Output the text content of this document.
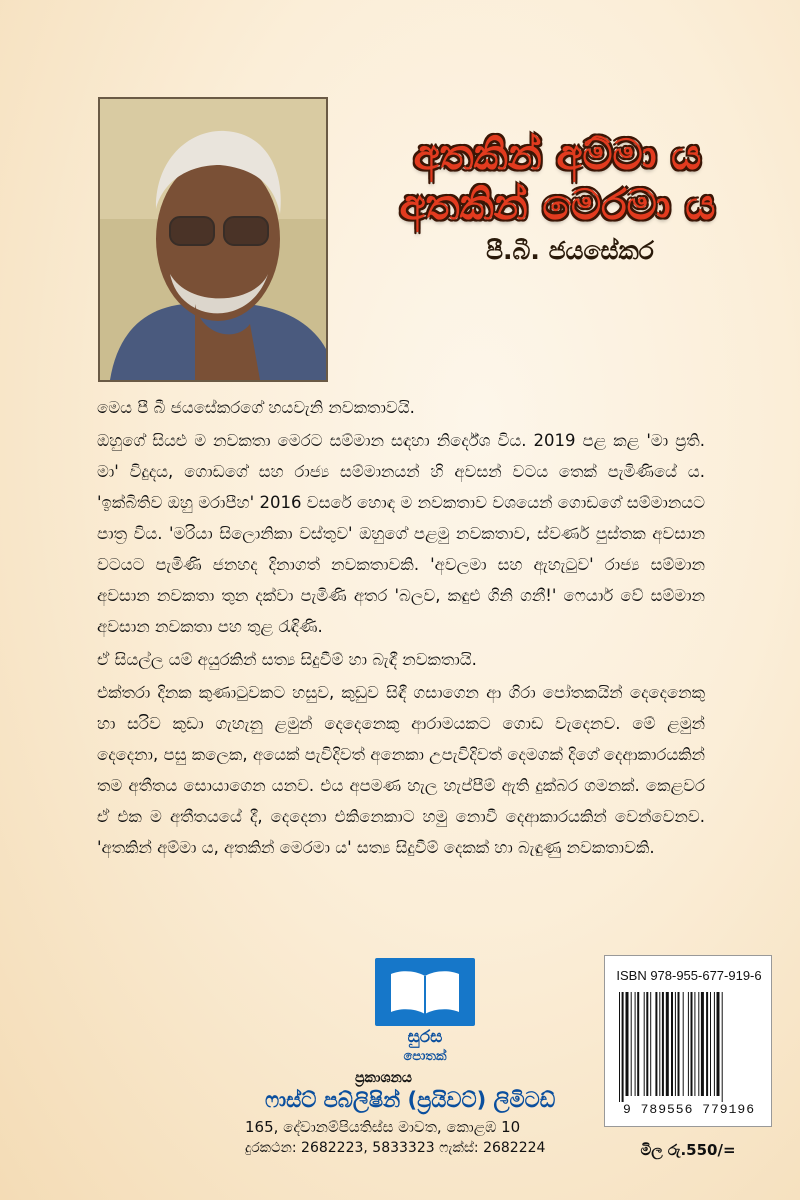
අතකින් අම්මා ය
අතකින් මෙරමා ය
පී.බී. ජයසේකර

මෙය පී බී ජයසේකරගේ හයවැනි නවකතාවයි.

ඔහුගේ සියළු ම නවකතා මෙරට සම්මාන සඳහා නිර්දේශ විය. 2019 පළ කළ 'මා ප්‍රති. මා' විදුදය, ගොඩගේ සහ රාජ්‍ය සම්මානයන් හි අවසන් වටය තෙක් පැමිණියේ ය. 'ඉක්බිතිව ඔහු මරාපීහ' 2016 වසරේ හොඳ ම නවකතාව වශයෙන් ගොඩගේ සම්මානයට පාත්‍ර විය. 'මරියා සිලොනිකා වස්තුව' ඔහුගේ පළමු නවකතාව, ස්වර්ණ පුස්තක අවසාන වටයට පැමිණි ජනහද දිනාගත් නවකතාවකි. 'අවලමා සහ ඇහැටුව' රාජ්‍ය සම්මාන අවසාන නවකතා තුන දක්වා පැමිණි අතර 'බලව, කඳුළු ගිනි ගනී!' ෆෙයාර් වේ සම්මාන අවසාන නවකතා පහ තුළ රැඳිණි.

ඒ සියල්ල යම් අයුරකින් සත්‍ය සිදුවීම් හා බැඳී නවකතායි.

එක්තරා දිනක කුණාටුවකට හසුව, කුඩුව සිඳී ගසාගෙන ආ ගිරා පෝතකයින් දෙදෙනෙකු හා සරිව කුඩා ගැහැනු ළමුන් දෙදෙනෙකු ආරාමයකට ගොඩ වැදෙනව. මේ ළමුන් දෙදෙනා, පසු කලෙක, අයෙක් පැවිදිවත් අනෙකා උපැවිදිවත් දෙමගක් දිගේ දෙආකාරයකින් තම අතීතය සොයාගෙන යනව. එය අපමණ හැල හැප්පීම් ඇති දුක්බර ගමනක්. කෙළවර ඒ එක ම අතීතයයේ දී, දෙදෙනා එකිනෙකාට හමු නොවී දෙආකාරයකින් වෙන්වෙනව. 'අතකින් අම්මා ය, අතකින් මෙරමා ය' සත්‍ය සිදුවීම් දෙකක් හා බැඳුණු නවකතාවකි.

සුරස
පොතක්
ප්‍රකාශනය
ෆාස්ට් පබ්ලිෂින් (ප්‍රයිවට්) ලිමිටඩ්
165, දේවානම්පියතිස්ස මාවත, කොළඹ 10
දුරකථන: 2682223, 5833323 ෆැක්ස්: 2682224
ISBN 978-955-677-919-6
9 789556 779196
මිල රු.550/=
